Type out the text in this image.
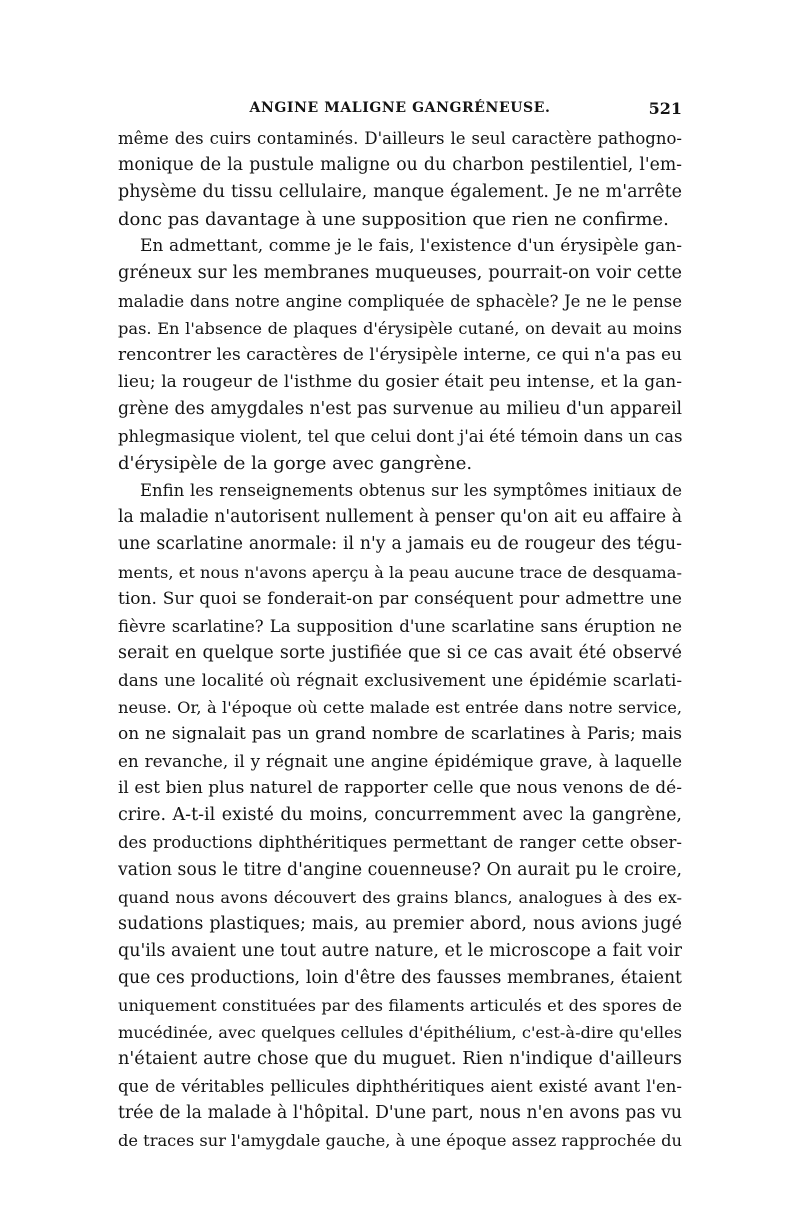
ANGINE MALIGNE GANGRÉNEUSE.	521
même des cuirs contaminés. D'ailleurs le seul caractère pathogno-
monique de la pustule maligne ou du charbon pestilentiel, l'em-
physème du tissu cellulaire, manque également. Je ne m'arrête
donc pas davantage à une supposition que rien ne confirme.
En admettant, comme je le fais, l'existence d'un érysipèle gan-
gréneux sur les membranes muqueuses, pourrait-on voir cette
maladie dans notre angine compliquée de sphacèle? Je ne le pense
pas. En l'absence de plaques d'érysipèle cutané, on devait au moins
rencontrer les caractères de l'érysipèle interne, ce qui n'a pas eu
lieu; la rougeur de l'isthme du gosier était peu intense, et la gan-
grène des amygdales n'est pas survenue au milieu d'un appareil
phlegmasique violent, tel que celui dont j'ai été témoin dans un cas
d'érysipèle de la gorge avec gangrène.
Enfin les renseignements obtenus sur les symptômes initiaux de
la maladie n'autorisent nullement à penser qu'on ait eu affaire à
une scarlatine anormale: il n'y a jamais eu de rougeur des tégu-
ments, et nous n'avons aperçu à la peau aucune trace de desquama-
tion. Sur quoi se fonderait-on par conséquent pour admettre une
fièvre scarlatine? La supposition d'une scarlatine sans éruption ne
serait en quelque sorte justifiée que si ce cas avait été observé
dans une localité où régnait exclusivement une épidémie scarlati-
neuse. Or, à l'époque où cette malade est entrée dans notre service,
on ne signalait pas un grand nombre de scarlatines à Paris; mais
en revanche, il y régnait une angine épidémique grave, à laquelle
il est bien plus naturel de rapporter celle que nous venons de dé-
crire. A-t-il existé du moins, concurremment avec la gangrène,
des productions diphthéritiques permettant de ranger cette obser-
vation sous le titre d'angine couenneuse? On aurait pu le croire,
quand nous avons découvert des grains blancs, analogues à des ex-
sudations plastiques; mais, au premier abord, nous avions jugé
qu'ils avaient une tout autre nature, et le microscope a fait voir
que ces productions, loin d'être des fausses membranes, étaient
uniquement constituées par des filaments articulés et des spores de
mucédinée, avec quelques cellules d'épithélium, c'est-à-dire qu'elles
n'étaient autre chose que du muguet. Rien n'indique d'ailleurs
que de véritables pellicules diphthéritiques aient existé avant l'en-
trée de la malade à l'hôpital. D'une part, nous n'en avons pas vu
de traces sur l'amygdale gauche, à une époque assez rapprochée du
